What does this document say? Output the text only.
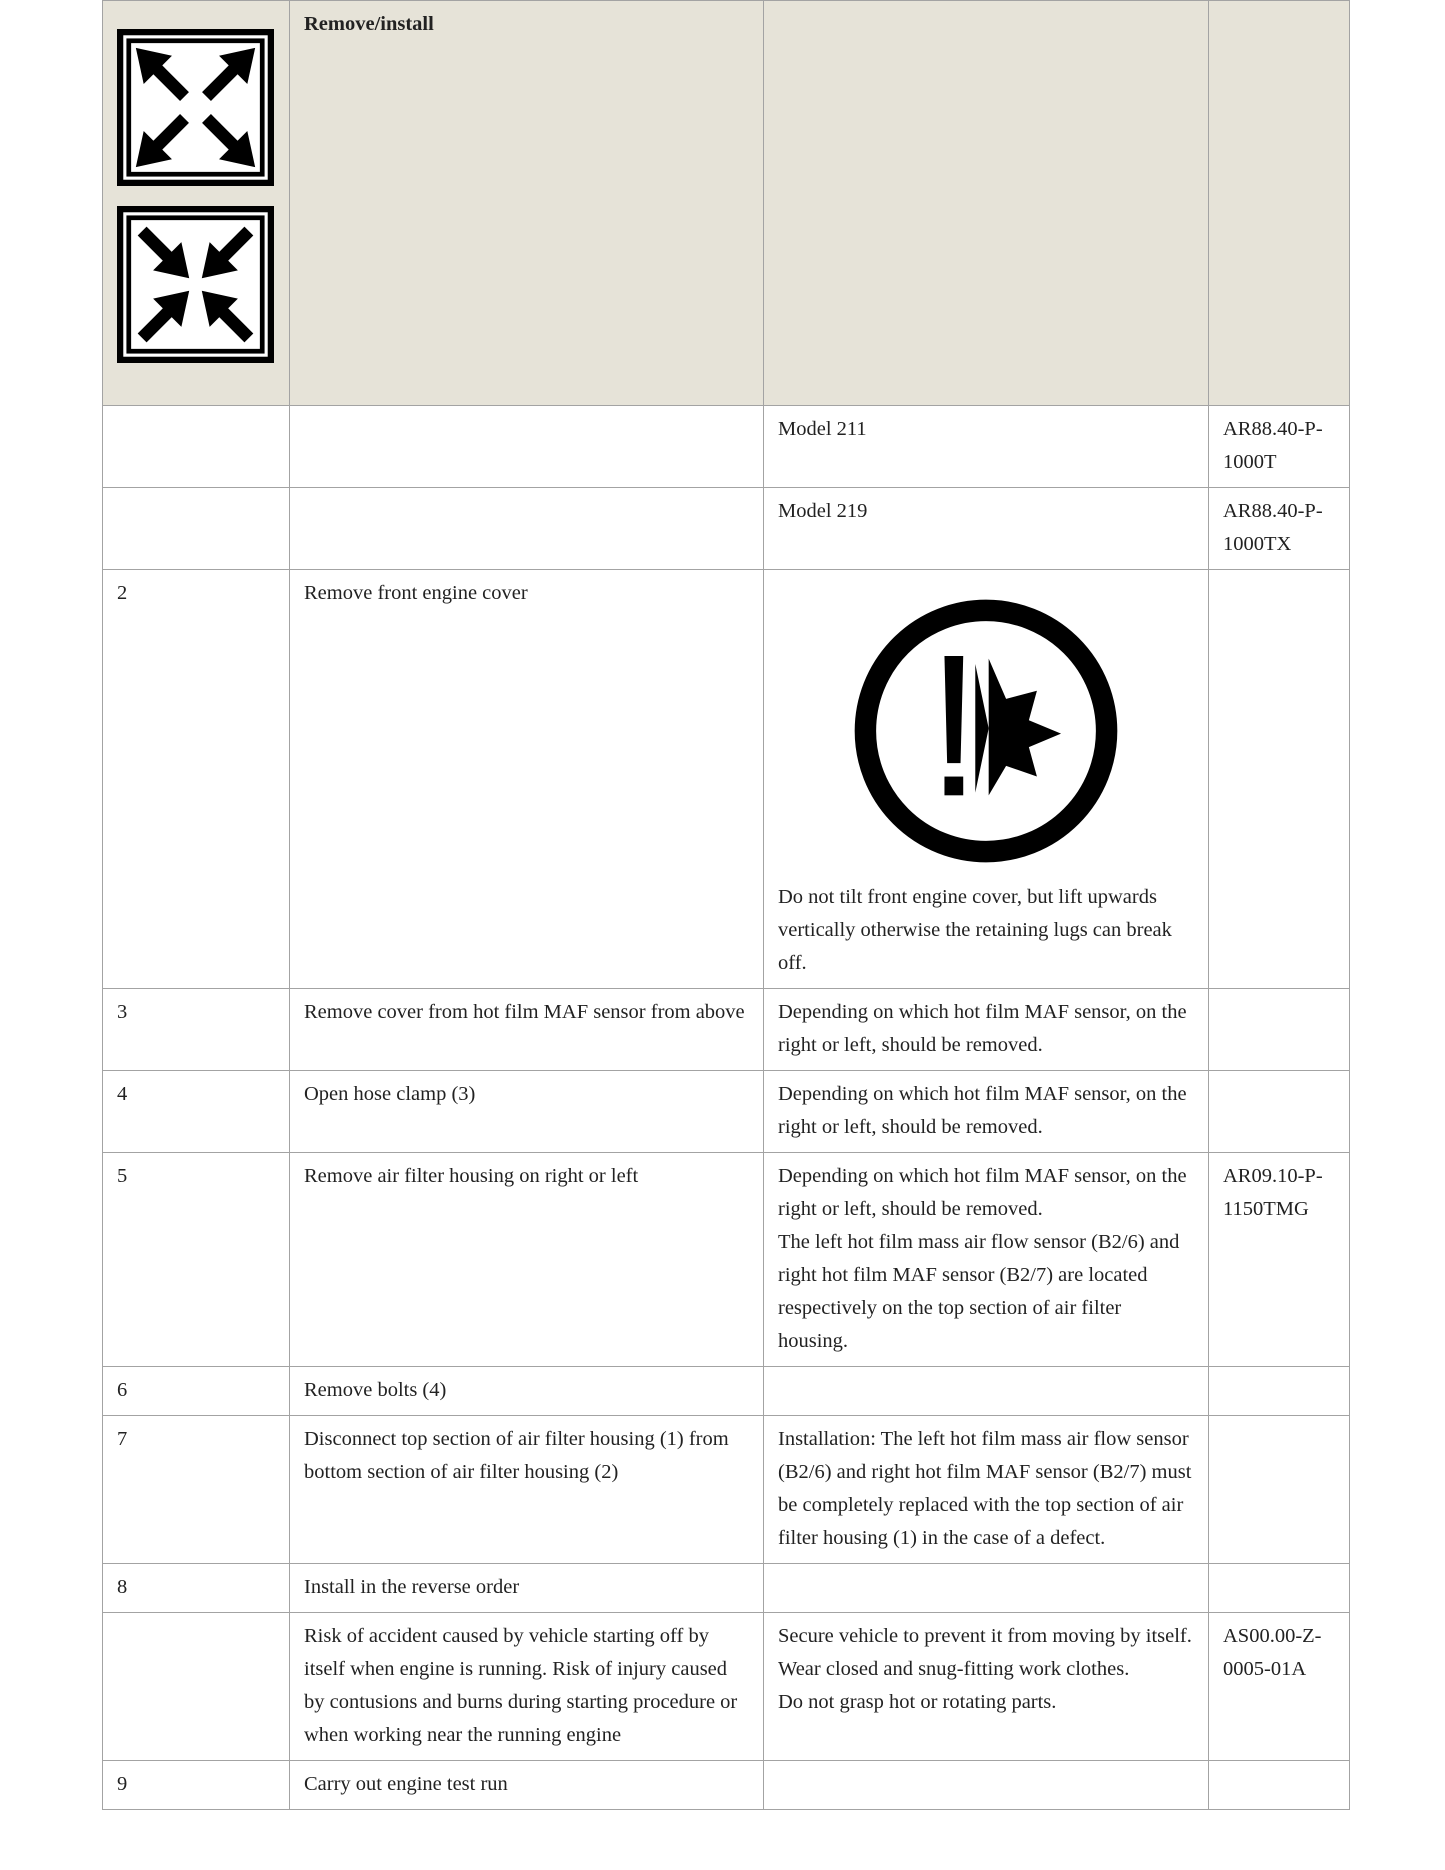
	Remove/install		
		Model 211	AR88.40-P-1000T
		Model 219	AR88.40-P-1000TX
2	Remove front engine cover	Do not tilt front engine cover, but lift upwards vertically otherwise the retaining lugs can break off.	

3	Remove cover from hot film MAF sensor from above	Depending on which hot film MAF sensor, on the right or left, should be removed.	
4	Open hose clamp (3)	Depending on which hot film MAF sensor, on the right or left, should be removed.	
5	Remove air filter housing on right or left	Depending on which hot film MAF sensor, on the right or left, should be removed.
The left hot film mass air flow sensor (B2/6) and right hot film MAF sensor (B2/7) are located respectively on the top section of air filter housing.	AR09.10-P-1150TMG
6	Remove bolts (4)		
7	Disconnect top section of air filter housing (1) from bottom section of air filter housing (2)	Installation: The left hot film mass air flow sensor (B2/6) and right hot film MAF sensor (B2/7) must be completely replaced with the top section of air filter housing (1) in the case of a defect.	
8	Install in the reverse order		
	Risk of accident caused by vehicle starting off by itself when engine is running. Risk of injury caused by contusions and burns during starting procedure or when working near the running engine	Secure vehicle to prevent it from moving by itself.
Wear closed and snug-fitting work clothes.
Do not grasp hot or rotating parts.	AS00.00-Z-0005-01A
9	Carry out engine test run		
